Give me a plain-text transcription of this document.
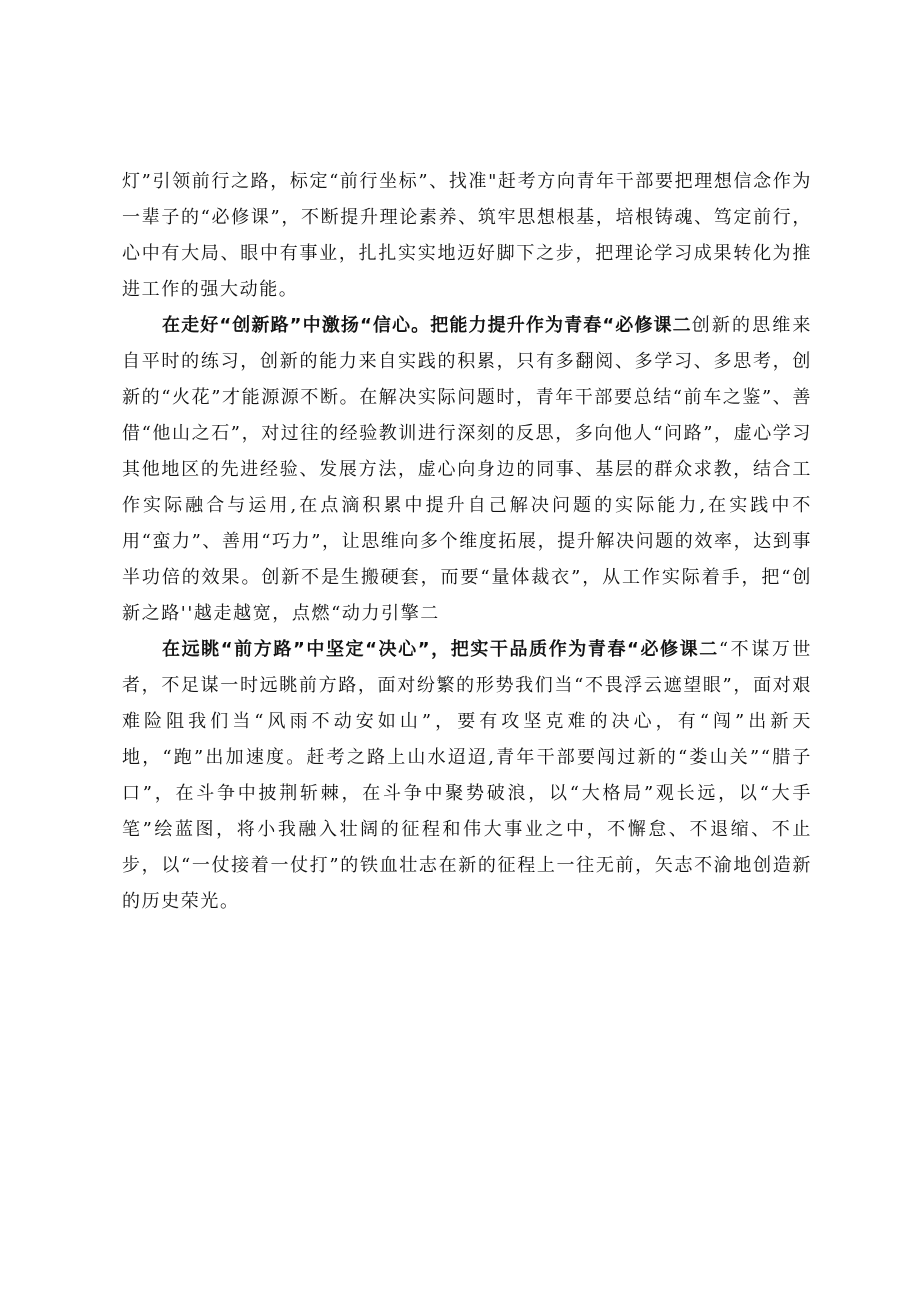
灯”引领前行之路，标定“前行坐标”、找准"赶考方向青年干部要把理想信念作为一辈子的“必修课”，不断提升理论素养、筑牢思想根基，培根铸魂、笃定前行，心中有大局、眼中有事业，扎扎实实地迈好脚下之步，把理论学习成果转化为推进工作的强大动能。

在走好“创新路”中激扬“信心。把能力提升作为青春“必修课二创新的思维来自平时的练习，创新的能力来自实践的积累，只有多翻阅、多学习、多思考，创新的“火花”才能源源不断。在解决实际问题时，青年干部要总结“前车之鉴”、善借“他山之石”，对过往的经验教训进行深刻的反思，多向他人“问路”，虚心学习其他地区的先进经验、发展方法，虚心向身边的同事、基层的群众求教，结合工作实际融合与运用,在点滴积累中提升自己解决问题的实际能力,在实践中不用“蛮力”、善用“巧力”，让思维向多个维度拓展，提升解决问题的效率，达到事半功倍的效果。创新不是生搬硬套，而要“量体裁衣”，从工作实际着手，把“创新之路''越走越宽，点燃“动力引擎二

在远眺“前方路”中坚定“决心”，把实干品质作为青春“必修课二“不谋万世者，不足谋一时远眺前方路，面对纷繁的形势我们当“不畏浮云遮望眼”，面对艰难险阻我们当“风雨不动安如山”，要有攻坚克难的决心，有“闯”出新天地，“跑”出加速度。赶考之路上山水迢迢,青年干部要闯过新的“娄山关”“腊子口”，在斗争中披荆斩棘，在斗争中聚势破浪，以“大格局”观长远，以“大手笔”绘蓝图，将小我融入壮阔的征程和伟大事业之中，不懈怠、不退缩、不止步，以“一仗接着一仗打”的铁血壮志在新的征程上一往无前，矢志不渝地创造新的历史荣光。
